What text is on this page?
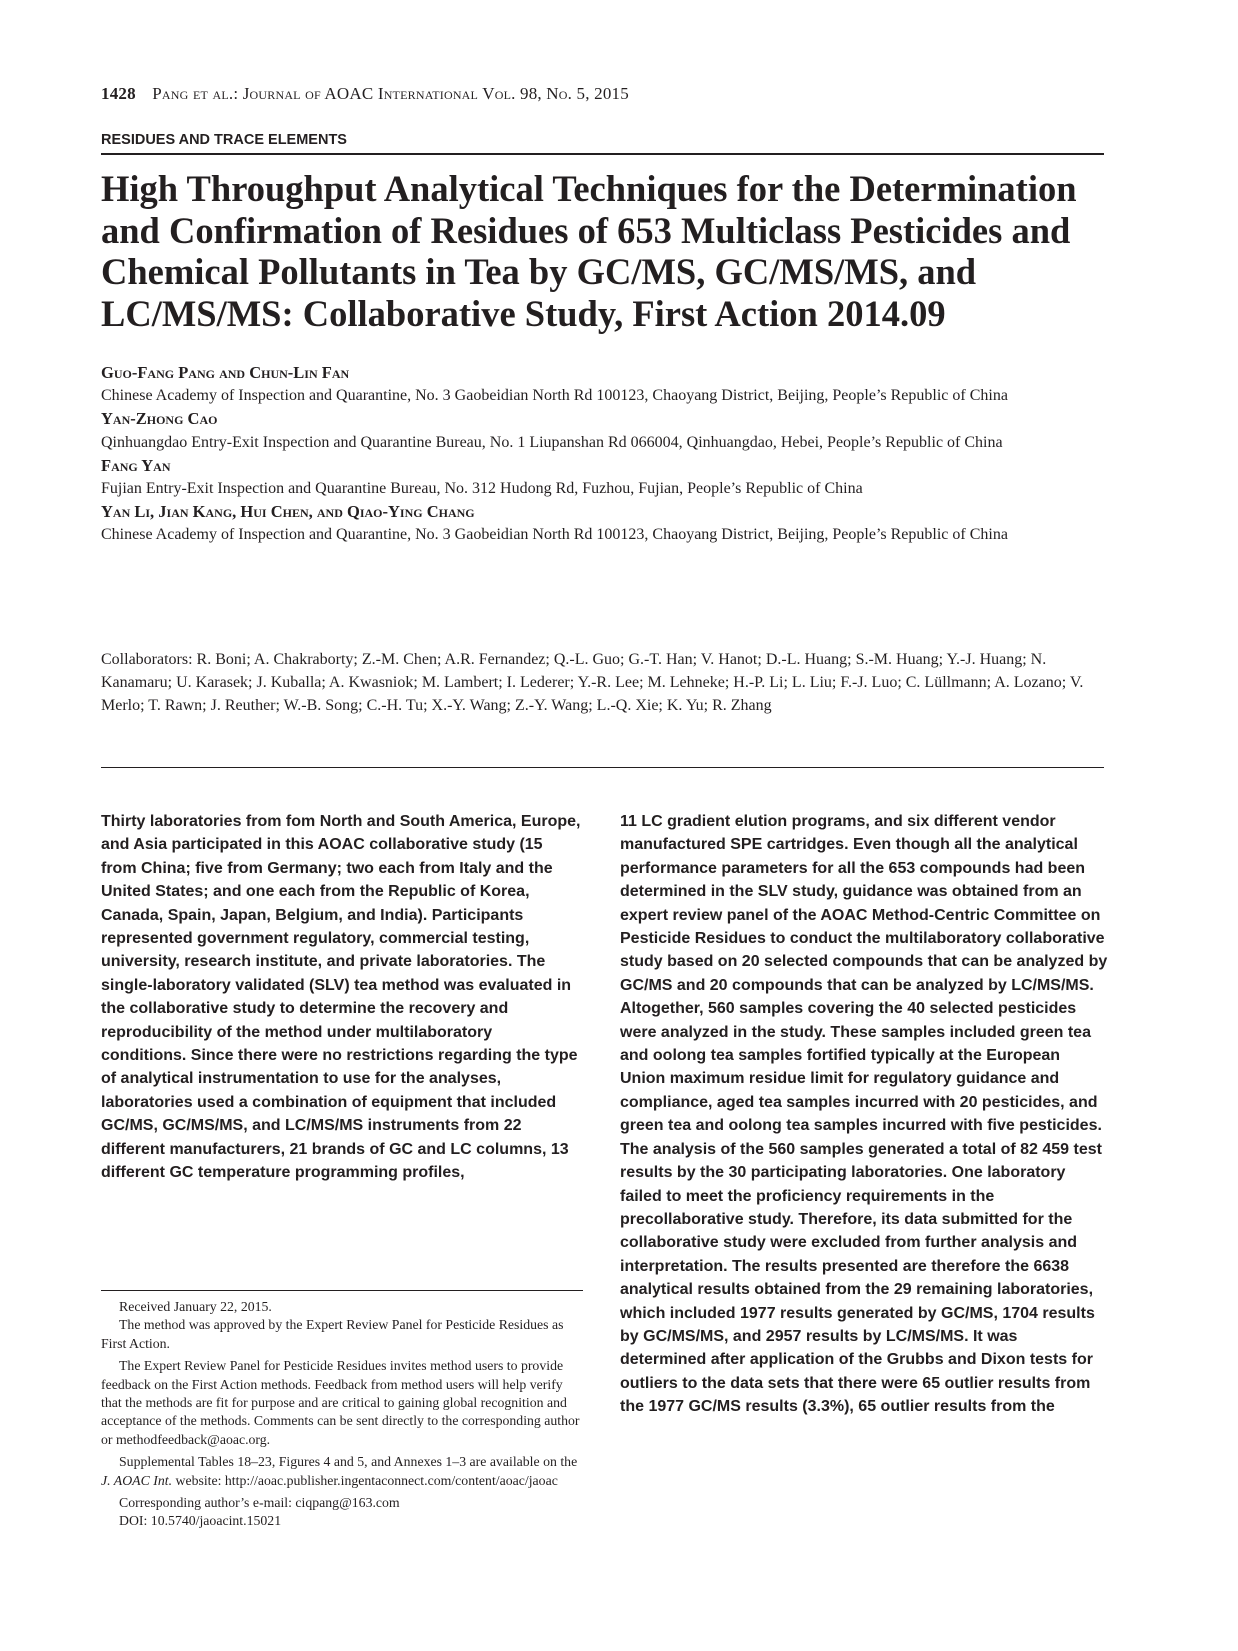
1428 Pang et al.: Journal of AOAC International Vol. 98, No. 5, 2015
RESIDUES AND TRACE ELEMENTS
High Throughput Analytical Techniques for the Determination and Confirmation of Residues of 653 Multiclass Pesticides and Chemical Pollutants in Tea by GC/MS, GC/MS/MS, and LC/MS/MS: Collaborative Study, First Action 2014.09
Guo-Fang Pang and Chun-Lin Fan
Chinese Academy of Inspection and Quarantine, No. 3 Gaobeidian North Rd 100123, Chaoyang District, Beijing, People’s Republic of China
Yan-Zhong Cao
Qinhuangdao Entry-Exit Inspection and Quarantine Bureau, No. 1 Liupanshan Rd 066004, Qinhuangdao, Hebei, People’s Republic of China
Fang Yan
Fujian Entry-Exit Inspection and Quarantine Bureau, No. 312 Hudong Rd, Fuzhou, Fujian, People’s Republic of China
Yan Li, Jian Kang, Hui Chen, and Qiao-Ying Chang
Chinese Academy of Inspection and Quarantine, No. 3 Gaobeidian North Rd 100123, Chaoyang District, Beijing, People’s Republic of China
Collaborators: R. Boni; A. Chakraborty; Z.-M. Chen; A.R. Fernandez; Q.-L. Guo; G.-T. Han; V. Hanot; D.-L. Huang; S.-M. Huang; Y.-J. Huang; N. Kanamaru; U. Karasek; J. Kuballa; A. Kwasniok; M. Lambert; I. Lederer; Y.-R. Lee; M. Lehneke; H.-P. Li; L. Liu; F.-J. Luo; C. Lüllmann; A. Lozano; V. Merlo; T. Rawn; J. Reuther; W.-B. Song; C.-H. Tu; X.-Y. Wang; Z.-Y. Wang; L.-Q. Xie; K. Yu; R. Zhang

Thirty laboratories from fom North and South America, Europe, and Asia participated in this AOAC collaborative study (15 from China; five from Germany; two each from Italy and the United States; and one each from the Republic of Korea, Canada, Spain, Japan, Belgium, and India). Participants represented government regulatory, commercial testing, university, research institute, and private laboratories. The single-laboratory validated (SLV) tea method was evaluated in the collaborative study to determine the recovery and reproducibility of the method under multilaboratory conditions. Since there were no restrictions regarding the type of analytical instrumentation to use for the analyses, laboratories used a combination of equipment that included GC/MS, GC/MS/MS, and LC/MS/MS instruments from 22 different manufacturers, 21 brands of GC and LC columns, 13 different GC temperature programming profiles,

11 LC gradient elution programs, and six different vendor manufactured SPE cartridges. Even though all the analytical performance parameters for all the 653 compounds had been determined in the SLV study, guidance was obtained from an expert review panel of the AOAC Method-Centric Committee on Pesticide Residues to conduct the multilaboratory collaborative study based on 20 selected compounds that can be analyzed by GC/MS and 20 compounds that can be analyzed by LC/MS/MS. Altogether, 560 samples covering the 40 selected pesticides were analyzed in the study. These samples included green tea and oolong tea samples fortified typically at the European Union maximum residue limit for regulatory guidance and compliance, aged tea samples incurred with 20 pesticides, and green tea and oolong tea samples incurred with five pesticides. The analysis of the 560 samples generated a total of 82 459 test results by the 30 participating laboratories. One laboratory failed to meet the proficiency requirements in the precollaborative study. Therefore, its data submitted for the collaborative study were excluded from further analysis and interpretation. The results presented are therefore the 6638 analytical results obtained from the 29 remaining laboratories, which included 1977 results generated by GC/MS, 1704 results by GC/MS/MS, and 2957 results by LC/MS/MS. It was determined after application of the Grubbs and Dixon tests for outliers to the data sets that there were 65 outlier results from the 1977 GC/MS results (3.3%), 65 outlier results from the

Received January 22, 2015.

The method was approved by the Expert Review Panel for Pesticide Residues as First Action.

The Expert Review Panel for Pesticide Residues invites method users to provide feedback on the First Action methods. Feedback from method users will help verify that the methods are fit for purpose and are critical to gaining global recognition and acceptance of the methods. Comments can be sent directly to the corresponding author or methodfeedback@aoac.org.

Supplemental Tables 18–23, Figures 4 and 5, and Annexes 1–3 are available on the J. AOAC Int. website: http://aoac.publisher.ingentaconnect.com/content/aoac/jaoac

Corresponding author’s e-mail: ciqpang@163.com

DOI: 10.5740/jaoacint.15021
